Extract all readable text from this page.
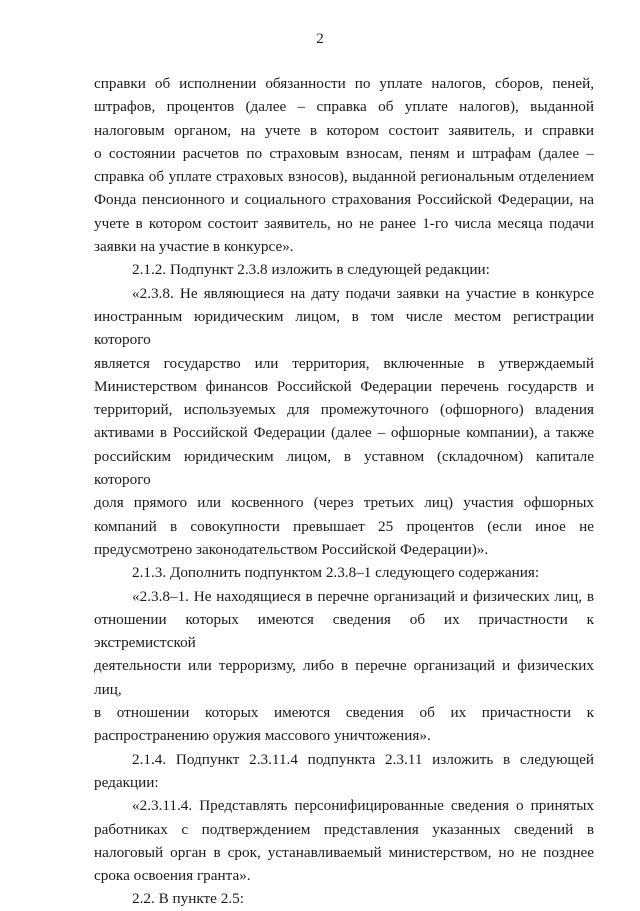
2
справки об исполнении обязанности по уплате налогов, сборов, пеней,
штрафов, процентов (далее – справка об уплате налогов), выданной
налоговым органом, на учете в котором состоит заявитель, и справки
о состоянии расчетов по страховым взносам, пеням и штрафам (далее –
справка об уплате страховых взносов), выданной региональным отделением
Фонда пенсионного и социального страхования Российской Федерации, на
учете в котором состоит заявитель, но не ранее 1-го числа месяца подачи
заявки на участие в конкурсе».
2.1.2. Подпункт 2.3.8 изложить в следующей редакции:
«2.3.8. Не являющиеся на дату подачи заявки на участие в конкурсе
иностранным юридическим лицом, в том числе местом регистрации которого
является государство или территория, включенные в утверждаемый
Министерством финансов Российской Федерации перечень государств и
территорий, используемых для промежуточного (офшорного) владения
активами в Российской Федерации (далее – офшорные компании), а также
российским юридическим лицом, в уставном (складочном) капитале которого
доля прямого или косвенного (через третьих лиц) участия офшорных
компаний в совокупности превышает 25 процентов (если иное не
предусмотрено законодательством Российской Федерации)».
2.1.3. Дополнить подпунктом 2.3.8–1 следующего содержания:
«2.3.8–1. Не находящиеся в перечне организаций и физических лиц, в
отношении которых имеются сведения об их причастности к экстремистской
деятельности или терроризму, либо в перечне организаций и физических лиц,
в отношении которых имеются сведения об их причастности к
распространению оружия массового уничтожения».
2.1.4. Подпункт 2.3.11.4 подпункта 2.3.11 изложить в следующей
редакции:
«2.3.11.4. Представлять персонифицированные сведения о принятых
работниках с подтверждением представления указанных сведений в
налоговый орган в срок, устанавливаемый министерством, но не позднее
срока освоения гранта».
2.2. В пункте 2.5:
